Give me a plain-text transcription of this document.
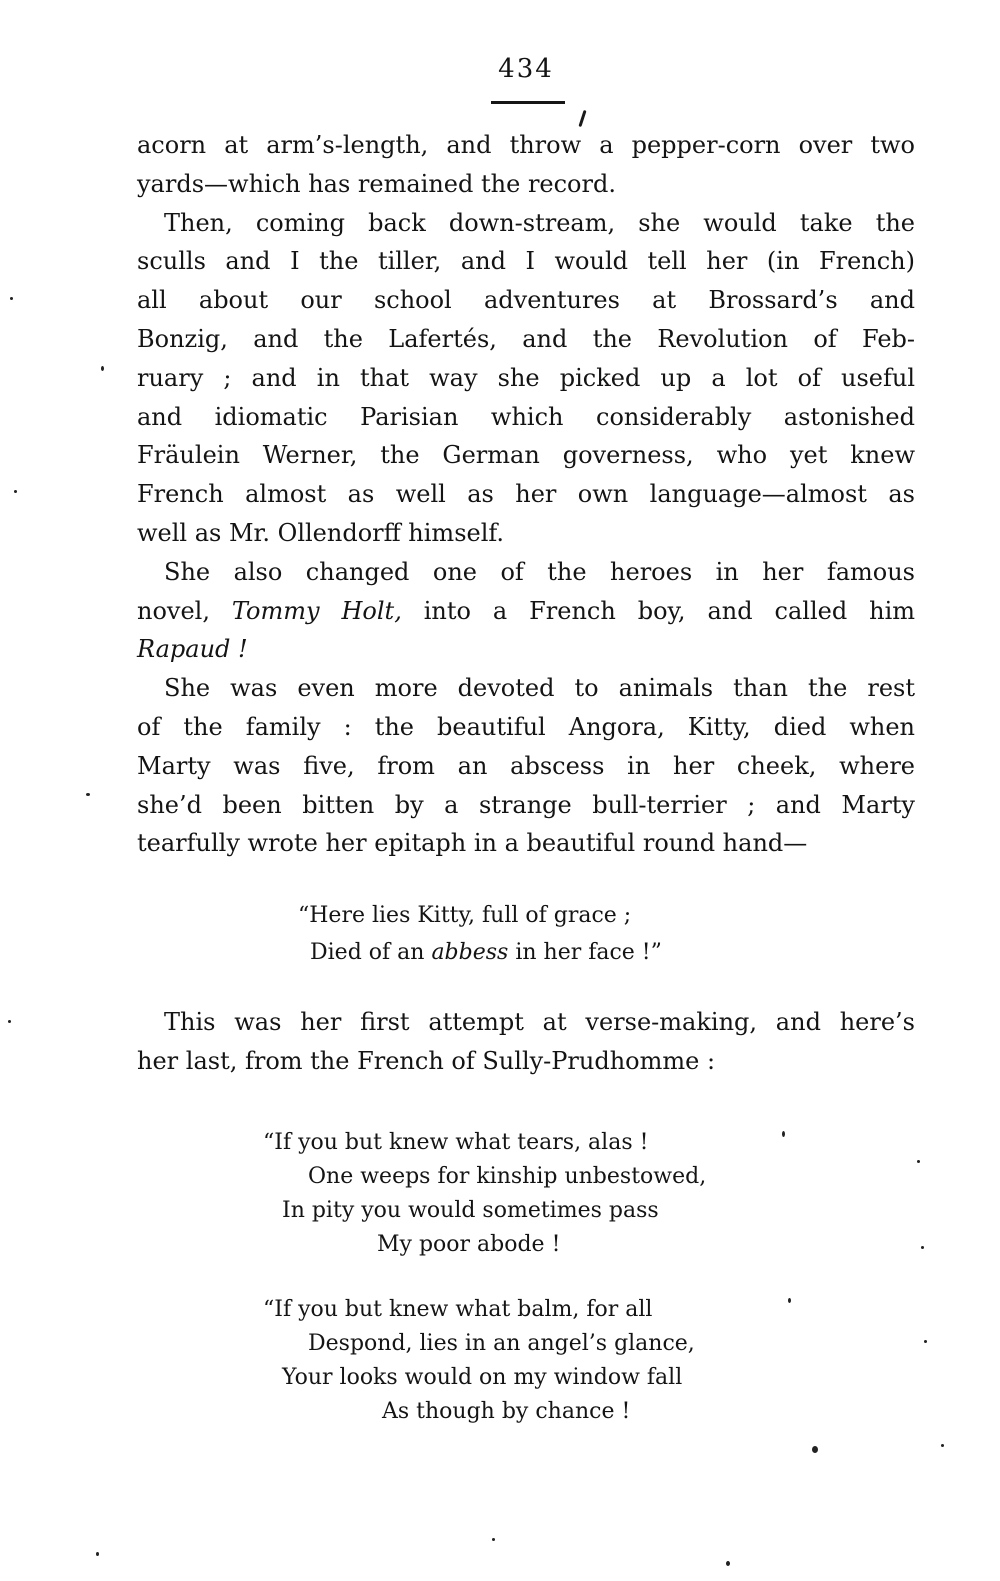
434
acorn at arm’s-length, and throw a pepper-corn over two
yards—which has remained the record.
Then, coming back down-stream, she would take the
sculls and I the tiller, and I would tell her (in French)
all about our school adventures at Brossard’s and
Bonzig, and the Lafertés, and the Revolution of Feb-
ruary ; and in that way she picked up a lot of useful
and idiomatic Parisian which considerably astonished
Fräulein Werner, the German governess, who yet knew
French almost as well as her own language—almost as
well as Mr. Ollendorff himself.
She also changed one of the heroes in her famous
novel, Tommy Holt, into a French boy, and called him
Rapaud !
She was even more devoted to animals than the rest
of the family : the beautiful Angora, Kitty, died when
Marty was five, from an abscess in her cheek, where
she’d been bitten by a strange bull-terrier ; and Marty
tearfully wrote her epitaph in a beautiful round hand—
“Here lies Kitty, full of grace ;
Died of an abbess in her face !”
This was her first attempt at verse-making, and here’s
her last, from the French of Sully-Prudhomme :
“If you but knew what tears, alas !
One weeps for kinship unbestowed,
In pity you would sometimes pass
My poor abode !
“If you but knew what balm, for all
Despond, lies in an angel’s glance,
Your looks would on my window fall
As though by chance !
